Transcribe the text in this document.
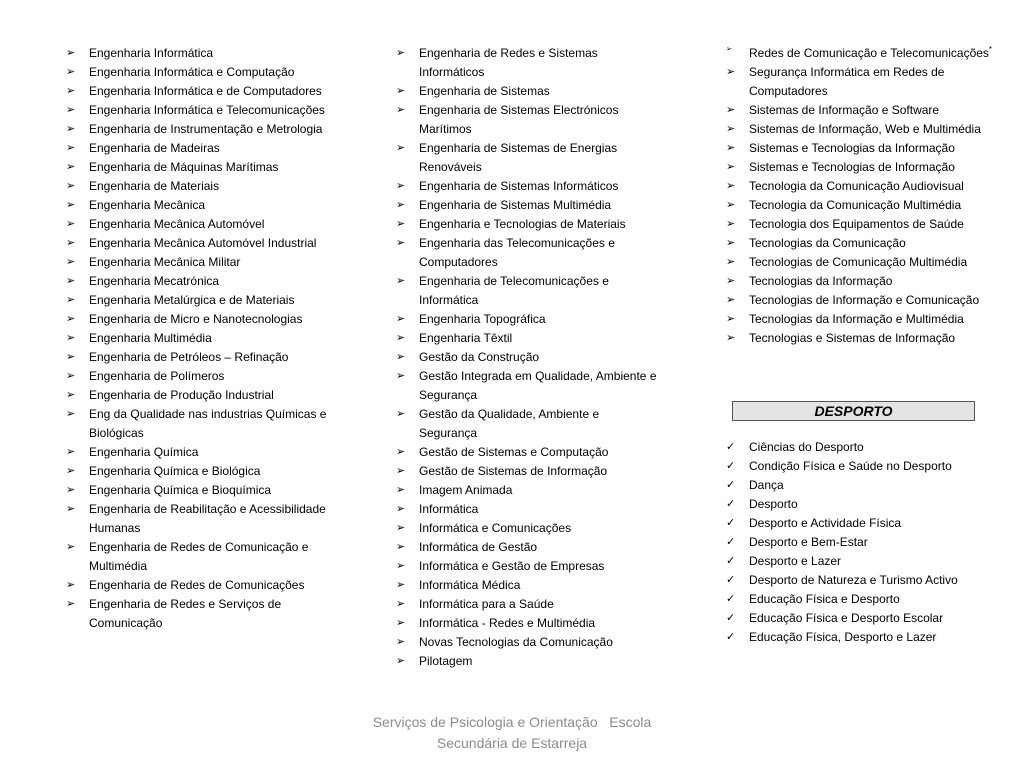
➢	Engenharia Informática
➢	Engenharia Informática e Computação
➢	Engenharia Informática e de Computadores
➢	Engenharia Informática e Telecomunicações
➢	Engenharia de Instrumentação e Metrologia
➢	Engenharia de Madeiras
➢	Engenharia de Máquinas Marítimas
➢	Engenharia de Materiais
➢	Engenharia Mecânica
➢	Engenharia Mecânica Automóvel
➢	Engenharia Mecânica Automóvel Industrial
➢	Engenharia Mecânica Militar
➢	Engenharia Mecatrónica
➢	Engenharia Metalúrgica e de Materiais
➢	Engenharia de Micro e Nanotecnologias
➢	Engenharia Multimédia
➢	Engenharia de Petróleos – Refinação
➢	Engenharia de Polímeros
➢	Engenharia de Produção Industrial
➢	Eng da Qualidade nas industrias Químicas e Biológicas
➢	Engenharia Química
➢	Engenharia Química e Biológica
➢	Engenharia Química e Bioquímica
➢	Engenharia de Reabilitação e Acessibilidade Humanas
➢	Engenharia de Redes de Comunicação e Multimédia
➢	Engenharia de Redes de Comunicações
➢	Engenharia de Redes e Serviços de Comunicação
➢	Engenharia de Redes e Sistemas Informáticos
➢	Engenharia de Sistemas
➢	Engenharia de Sistemas Electrónicos Marítimos
➢	Engenharia de Sistemas de Energias Renováveis
➢	Engenharia de Sistemas Informáticos
➢	Engenharia de Sistemas Multimédia
➢	Engenharia e Tecnologias de Materiais
➢	Engenharia das Telecomunicações e Computadores
➢	Engenharia de Telecomunicações e Informática
➢	Engenharia Topográfica
➢	Engenharia Têxtil
➢	Gestão da Construção
➢	Gestão Integrada em Qualidade, Ambiente e Segurança
➢	Gestão da Qualidade, Ambiente e Segurança
➢	Gestão de Sistemas e Computação
➢	Gestão de Sistemas de Informação
➢	Imagem Animada
➢	Informática
➢	Informática e Comunicações
➢	Informática de Gestão
➢	Informática e Gestão de Empresas
➢	Informática Médica
➢	Informática para a Saúde
➢	Informática - Redes e Multimédia
➢	Novas Tecnologias da Comunicação
➢	Pilotagem
➢	Redes de Comunicação e Telecomunicações*
➢	Segurança Informática em Redes de Computadores
➢	Sistemas de Informação e Software
➢	Sistemas de Informação, Web e Multimédia
➢	Sistemas e Tecnologias da Informação
➢	Sistemas e Tecnologias de Informação
➢	Tecnologia da Comunicação Audiovisual
➢	Tecnologia da Comunicação Multimédia
➢	Tecnologia dos Equipamentos de Saúde
➢	Tecnologias da Comunicação
➢	Tecnologias de Comunicação Multimédia
➢	Tecnologias da Informação
➢	Tecnologias de Informação e Comunicação
➢	Tecnologias da Informação e Multimédia
➢	Tecnologias e Sistemas de Informação
DESPORTO
✓	Ciências do Desporto
✓	Condição Física e Saúde no Desporto
✓	Dança
✓	Desporto
✓	Desporto e Actividade Física
✓	Desporto e Bem-Estar
✓	Desporto e Lazer
✓	Desporto de Natureza e Turismo Activo
✓	Educação Física e Desporto
✓	Educação Física e Desporto Escolar
✓	Educação Física, Desporto e Lazer
Serviços de Psicologia e Orientação   Escola
Secundária de Estarreja
